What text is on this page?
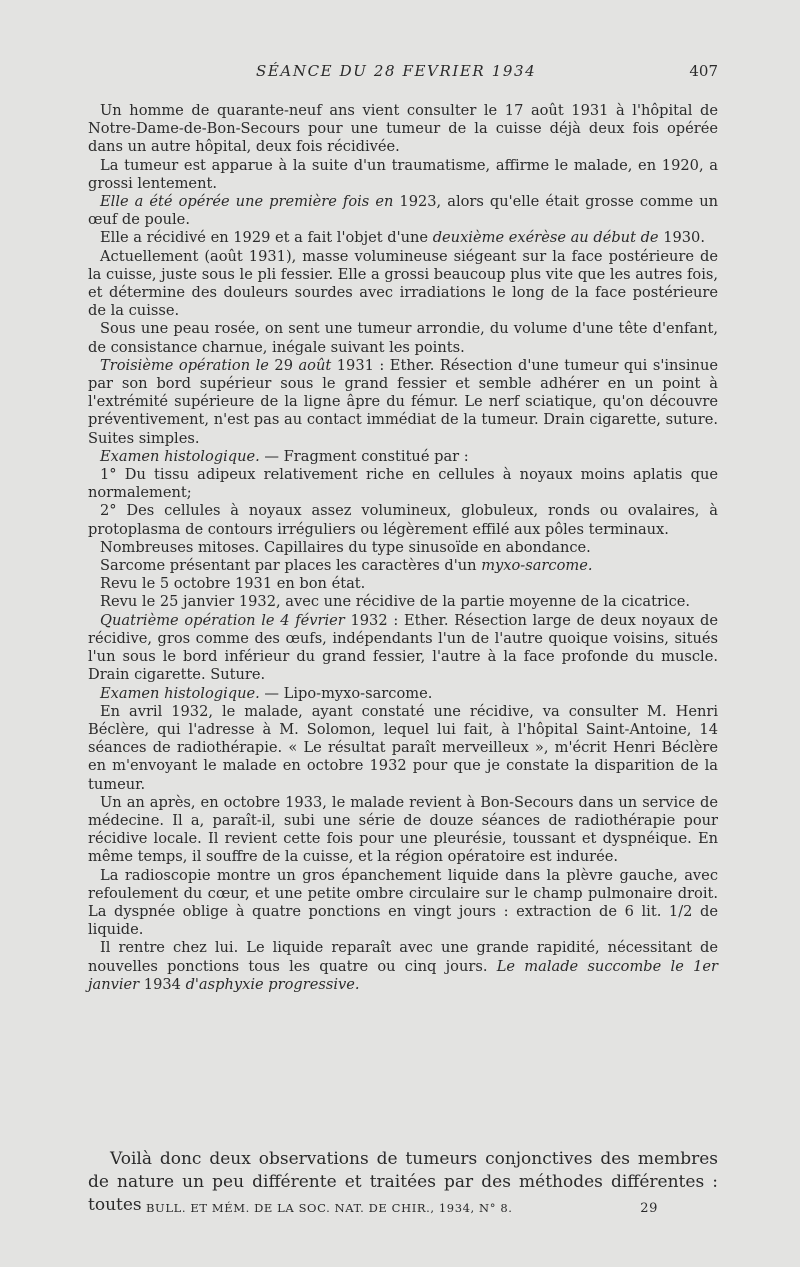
SÉANCE DU 28 FEVRIER 1934	407

Un homme de quarante-neuf ans vient consulter le 17 août 1931 à l'hôpital de Notre-Dame-de-Bon-Secours pour une tumeur de la cuisse déjà deux fois opérée dans un autre hôpital, deux fois récidivée.

La tumeur est apparue à la suite d'un traumatisme, affirme le malade, en 1920, a grossi lentement.

Elle a été opérée une première fois en 1923, alors qu'elle était grosse comme un œuf de poule.

Elle a récidivé en 1929 et a fait l'objet d'une deuxième exérèse au début de 1930.

Actuellement (août 1931), masse volumineuse siégeant sur la face postérieure de la cuisse, juste sous le pli fessier. Elle a grossi beaucoup plus vite que les autres fois, et détermine des douleurs sourdes avec irradiations le long de la face postérieure de la cuisse.

Sous une peau rosée, on sent une tumeur arrondie, du volume d'une tête d'enfant, de consistance charnue, inégale suivant les points.

Troisième opération le 29 août 1931 : Ether. Résection d'une tumeur qui s'insinue par son bord supérieur sous le grand fessier et semble adhérer en un point à l'extrémité supérieure de la ligne âpre du fémur. Le nerf sciatique, qu'on découvre préventivement, n'est pas au contact immédiat de la tumeur. Drain cigarette, suture. Suites simples.

Examen histologique. — Fragment constitué par :

1° Du tissu adipeux relativement riche en cellules à noyaux moins aplatis que normalement;

2° Des cellules à noyaux assez volumineux, globuleux, ronds ou ovalaires, à protoplasma de contours irréguliers ou légèrement effilé aux pôles terminaux.

Nombreuses mitoses. Capillaires du type sinusoïde en abondance.

Sarcome présentant par places les caractères d'un myxo-sarcome.

Revu le 5 octobre 1931 en bon état.

Revu le 25 janvier 1932, avec une récidive de la partie moyenne de la cicatrice.

Quatrième opération le 4 février 1932 : Ether. Résection large de deux noyaux de récidive, gros comme des œufs, indépendants l'un de l'autre quoique voisins, situés l'un sous le bord inférieur du grand fessier, l'autre à la face profonde du muscle. Drain cigarette. Suture.

Examen histologique. — Lipo-myxo-sarcome.

En avril 1932, le malade, ayant constaté une récidive, va consulter M. Henri Béclère, qui l'adresse à M. Solomon, lequel lui fait, à l'hôpital Saint-Antoine, 14 séances de radiothérapie. « Le résultat paraît merveilleux », m'écrit Henri Béclère en m'envoyant le malade en octobre 1932 pour que je constate la disparition de la tumeur.

Un an après, en octobre 1933, le malade revient à Bon-Secours dans un service de médecine. Il a, paraît-il, subi une série de douze séances de radiothérapie pour récidive locale. Il revient cette fois pour une pleurésie, toussant et dyspnéique. En même temps, il souffre de la cuisse, et la région opératoire est indurée.

La radioscopie montre un gros épanchement liquide dans la plèvre gauche, avec refoulement du cœur, et une petite ombre circulaire sur le champ pulmonaire droit. La dyspnée oblige à quatre ponctions en vingt jours : extraction de 6 lit. 1/2 de liquide.

Il rentre chez lui. Le liquide reparaît avec une grande rapidité, nécessitant de nouvelles ponctions tous les quatre ou cinq jours. Le malade succombe le 1er janvier 1934 d'asphyxie progressive.

Voilà donc deux observations de tumeurs conjonctives des membres de nature un peu différente et traitées par des méthodes différentes : toutes BULL. ET MÉM. DE LA SOC. NAT. DE CHIR., 1934, N° 8.	29
